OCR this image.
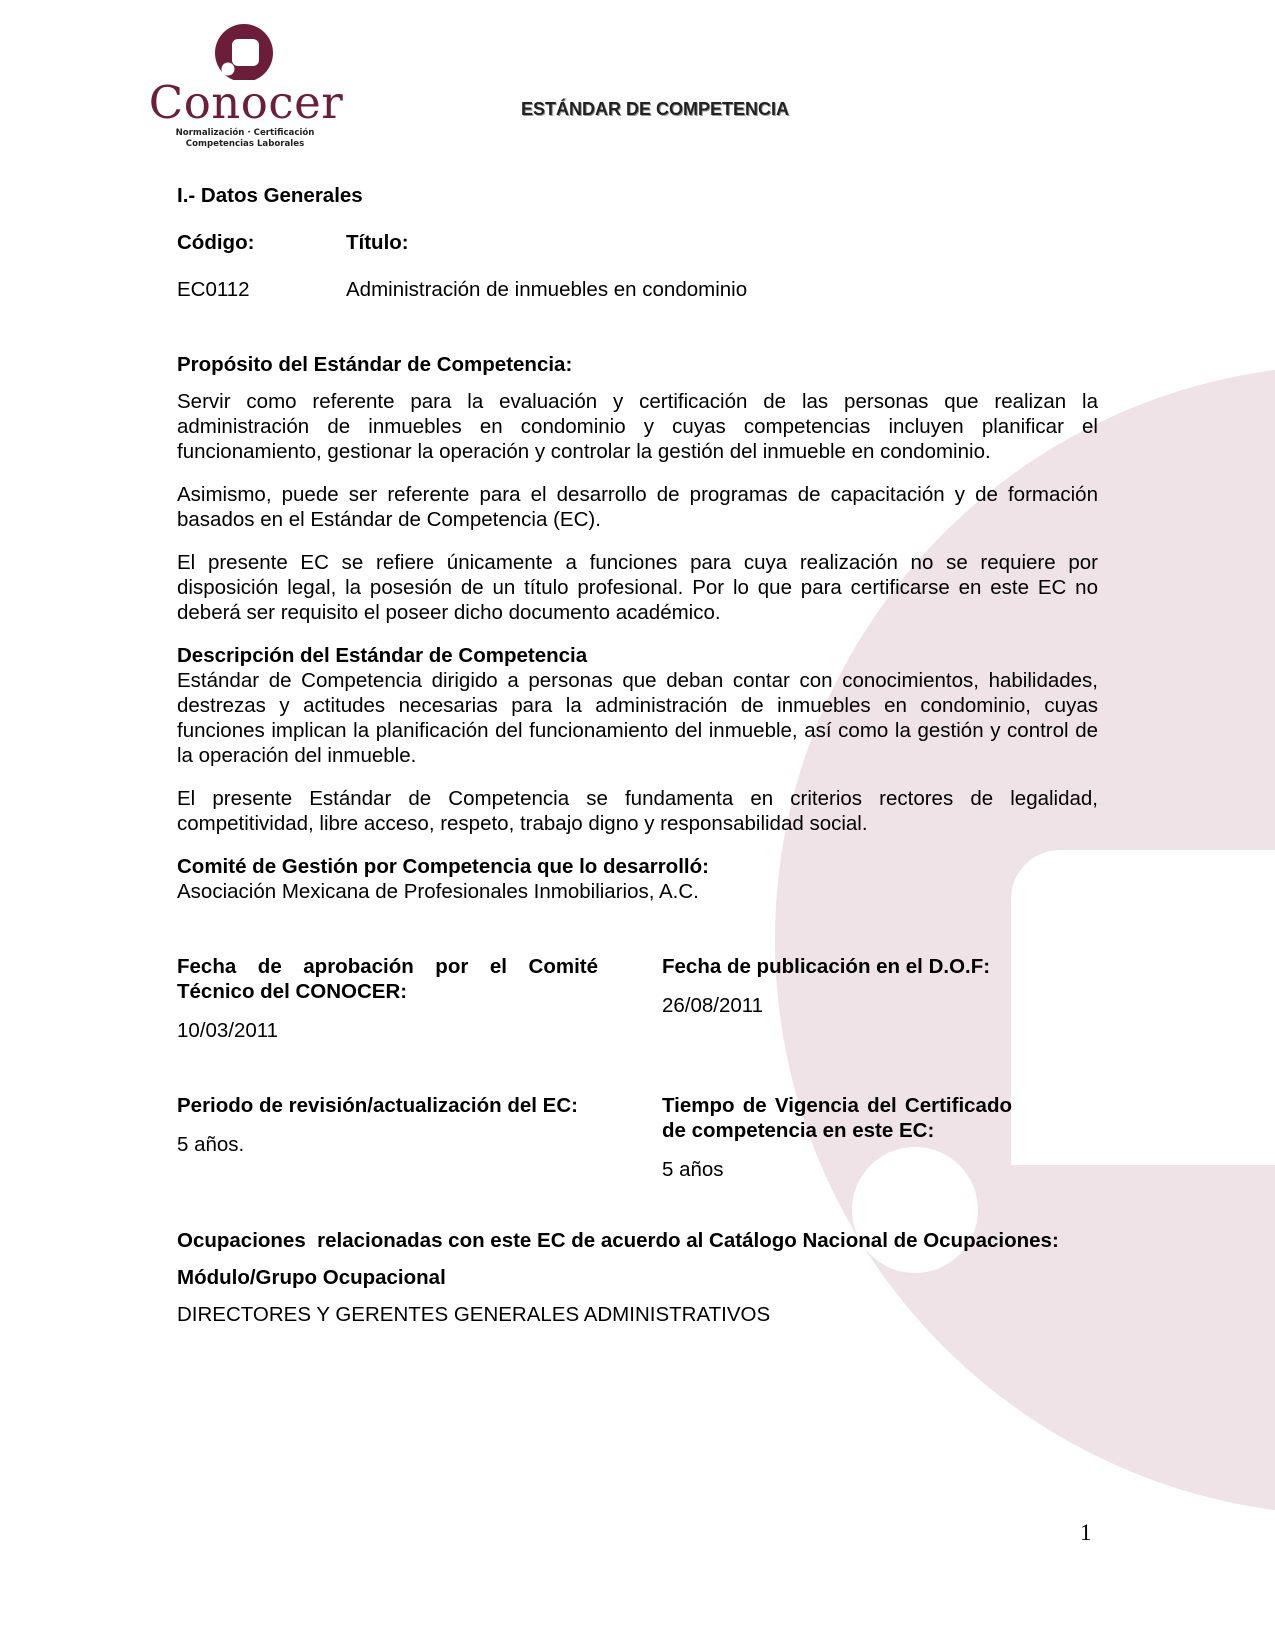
Conocer
Normalización · Certificación
Competencias Laborales
ESTÁNDAR DE COMPETENCIA
I.- Datos Generales
Código:	Título:
EC0112	Administración de inmuebles en condominio
Propósito del Estándar de Competencia:
Servir como referente para la evaluación y certificación de las personas que realizan la administración de inmuebles en condominio y cuyas competencias incluyen planificar el funcionamiento, gestionar la operación y controlar la gestión del inmueble en condominio.
Asimismo, puede ser referente para el desarrollo de programas de capacitación y de formación basados en el Estándar de Competencia (EC).
El presente EC se refiere únicamente a funciones para cuya realización no se requiere por disposición legal, la posesión de un título profesional. Por lo que para certificarse en este EC no deberá ser requisito el poseer dicho documento académico.
Descripción del Estándar de Competencia
Estándar de Competencia dirigido a personas que deban contar con conocimientos, habilidades, destrezas y actitudes necesarias para la administración de inmuebles en condominio, cuyas funciones implican la planificación del funcionamiento del inmueble, así como la gestión y control de la operación del inmueble.
El presente Estándar de Competencia se fundamenta en criterios rectores de legalidad, competitividad, libre acceso, respeto, trabajo digno y responsabilidad social.
Comité de Gestión por Competencia que lo desarrolló:
Asociación Mexicana de Profesionales Inmobiliarios, A.C.
Fecha de aprobación por el Comité Técnico del CONOCER:
10/03/2011
Fecha de publicación en el D.O.F:
26/08/2011
Periodo de revisión/actualización del EC:
5 años.
Tiempo de Vigencia del Certificado de competencia en este EC:
5 años
Ocupaciones  relacionadas con este EC de acuerdo al Catálogo Nacional de Ocupaciones:
Módulo/Grupo Ocupacional
DIRECTORES Y GERENTES GENERALES ADMINISTRATIVOS
1
